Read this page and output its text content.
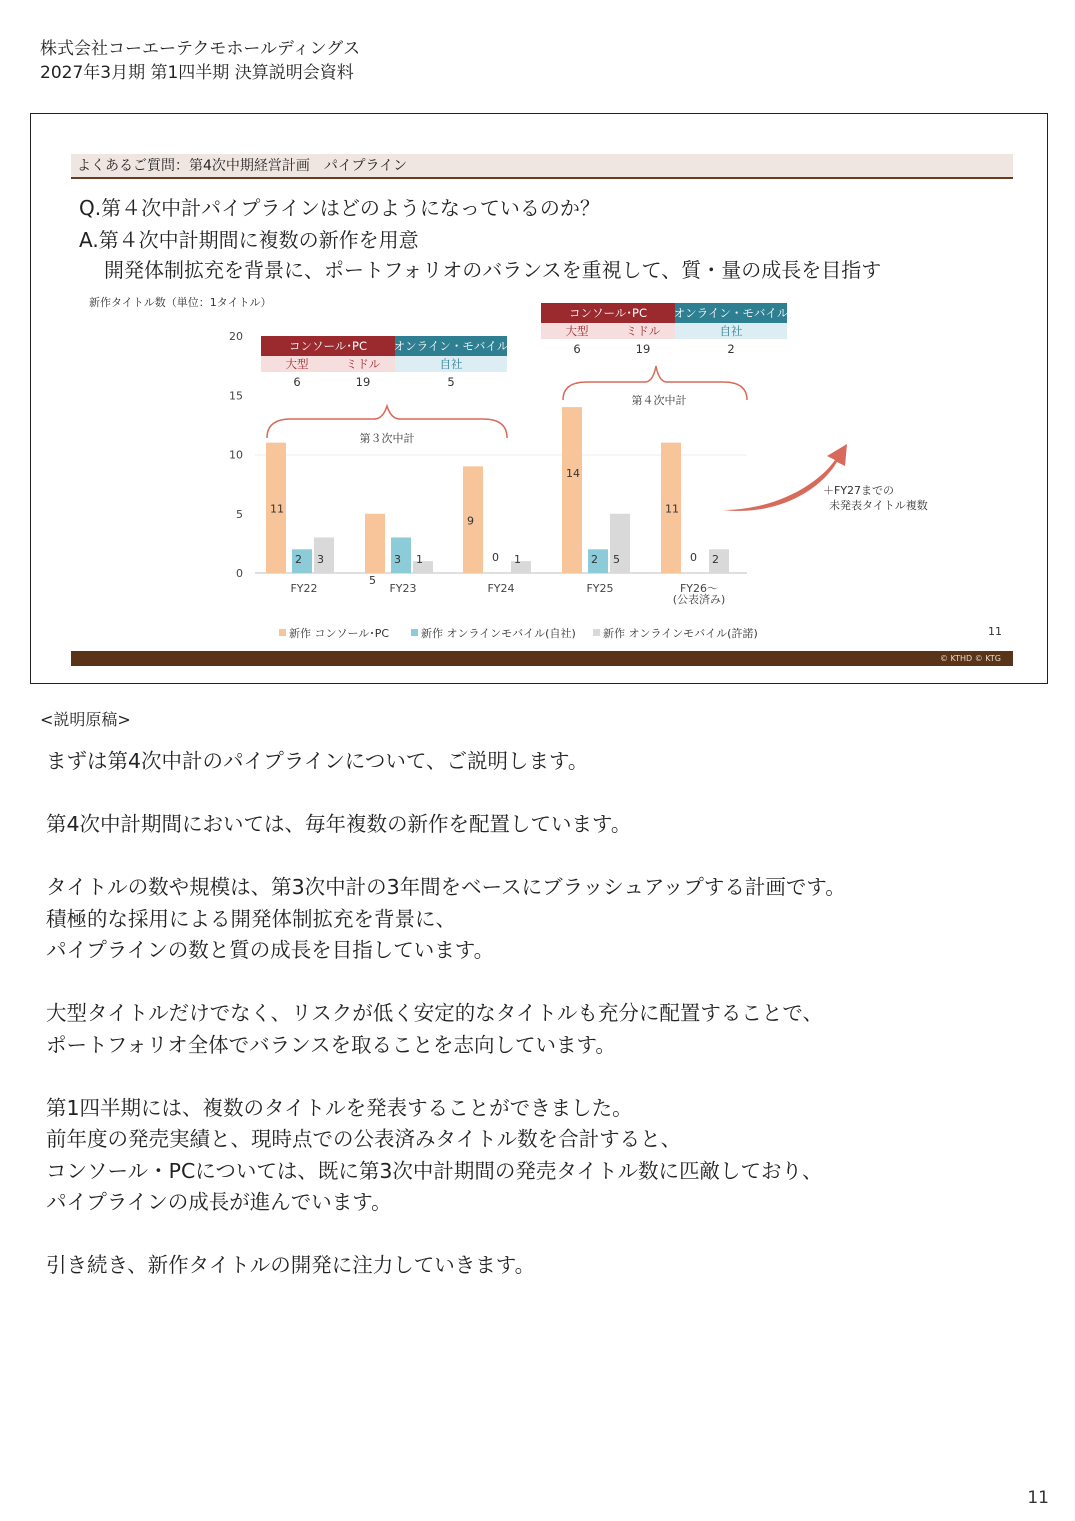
株式会社コーエーテクモホールディングス
2027年3月期 第1四半期 決算説明会資料
よくあるご質問：第4次中期経営計画　パイプライン
Q.第４次中計パイプラインはどのようになっているのか？
A.第４次中計期間に複数の新作を用意
開発体制拡充を背景に、ポートフォリオのバランスを重視して、質・量の成長を目指す
新作タイトル数（単位：1タイトル）
0
5
10
15
20
11
2 3
5
3 1
9
0 1
14
2 5
11
0 2
FY22	FY23	FY24	FY25	FY26〜
(公表済み)
第３次中計
第４次中計
＋FY27までの
未発表タイトル複数
コンソール･PC オンライン・モバイル
大型	ミドル	自社
6	19	5
コンソール･PC オンライン・モバイル
大型	ミドル	自社
6	19	2
新作 コンソール･PC	新作 オンラインモバイル(自社) 新作 オンラインモバイル(許諾)	11
© KTHD © KTG
<説明原稿>

まずは第4次中計のパイプラインについて、ご説明します。

第4次中計期間においては、毎年複数の新作を配置しています。

タイトルの数や規模は、第3次中計の3年間をベースにブラッシュアップする計画です。

積極的な採用による開発体制拡充を背景に、

パイプラインの数と質の成長を目指しています。

大型タイトルだけでなく、リスクが低く安定的なタイトルも充分に配置することで、

ポートフォリオ全体でバランスを取ることを志向しています。

第1四半期には、複数のタイトルを発表することができました。

前年度の発売実績と、現時点での公表済みタイトル数を合計すると、

コンソール・PCについては、既に第3次中計期間の発売タイトル数に匹敵しており、

パイプラインの成長が進んでいます。

引き続き、新作タイトルの開発に注力していきます。

11
